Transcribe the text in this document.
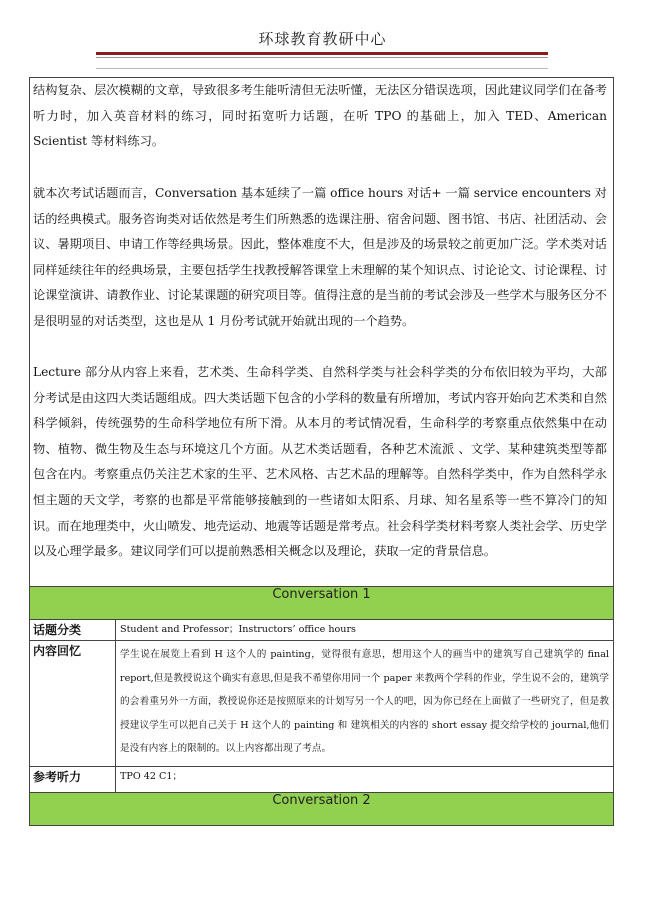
环球教育教研中心

结构复杂、层次模糊的文章，导致很多考生能听清但无法听懂，无法区分错误选项，因此建议同学们在备考听力时，加入英音材料的练习，同时拓宽听力话题，在听 TPO 的基础上，加入 TED、American Scientist 等材料练习。

就本次考试话题而言，Conversation 基本延续了一篇 office hours 对话+ 一篇 service encounters 对话的经典模式。服务咨询类对话依然是考生们所熟悉的选课注册、宿舍问题、图书馆、书店、社团活动、会议、暑期项目、申请工作等经典场景。因此，整体难度不大，但是涉及的场景较之前更加广泛。学术类对话同样延续往年的经典场景，主要包括学生找教授解答课堂上未理解的某个知识点、讨论论文、讨论课程、讨论课堂演讲、请教作业、讨论某课题的研究项目等。值得注意的是当前的考试会涉及一些学术与服务区分不是很明显的对话类型，这也是从 1 月份考试就开始就出现的一个趋势。

Lecture 部分从内容上来看，艺术类、生命科学类、自然科学类与社会科学类的分布依旧较为平均，大部分考试是由这四大类话题组成。四大类话题下包含的小学科的数量有所增加，考试内容开始向艺术类和自然科学倾斜，传统强势的生命科学地位有所下滑。从本月的考试情况看，生命科学的考察重点依然集中在动物、植物、微生物及生态与环境这几个方面。从艺术类话题看，各种艺术流派 、文学、某种建筑类型等都包含在内。考察重点仍关注艺术家的生平、艺术风格、古艺术品的理解等。自然科学类中，作为自然科学永恒主题的天文学，考察的也都是平常能够接触到的一些诸如太阳系、月球、知名星系等一些不算冷门的知识。而在地理类中，火山喷发、地壳运动、地震等话题是常考点。社会科学类材料考察人类社会学、历史学以及心理学最多。建议同学们可以提前熟悉相关概念以及理论，获取一定的背景信息。

Conversation 1	
话题分类	Student and Professor；Instructors’ office hours
内容回忆	学生说在展览上看到 H 这个人的 painting，觉得很有意思，想用这个人的画当中的建筑写自己建筑学的 final report,但是教授说这个确实有意思,但是我不希望你用同一个 paper 来教两个学科的作业，学生说不会的，建筑学的会着重另外一方面，教授说你还是按照原来的计划写另一个人的吧，因为你已经在上面做了一些研究了，但是教授建议学生可以把自己关于 H 这个人的 painting 和 建筑相关的内容的 short essay 提交给学校的 journal,他们是没有内容上的限制的。以上内容都出现了考点。
参考听力	TPO 42 C1；
Conversation 2	
